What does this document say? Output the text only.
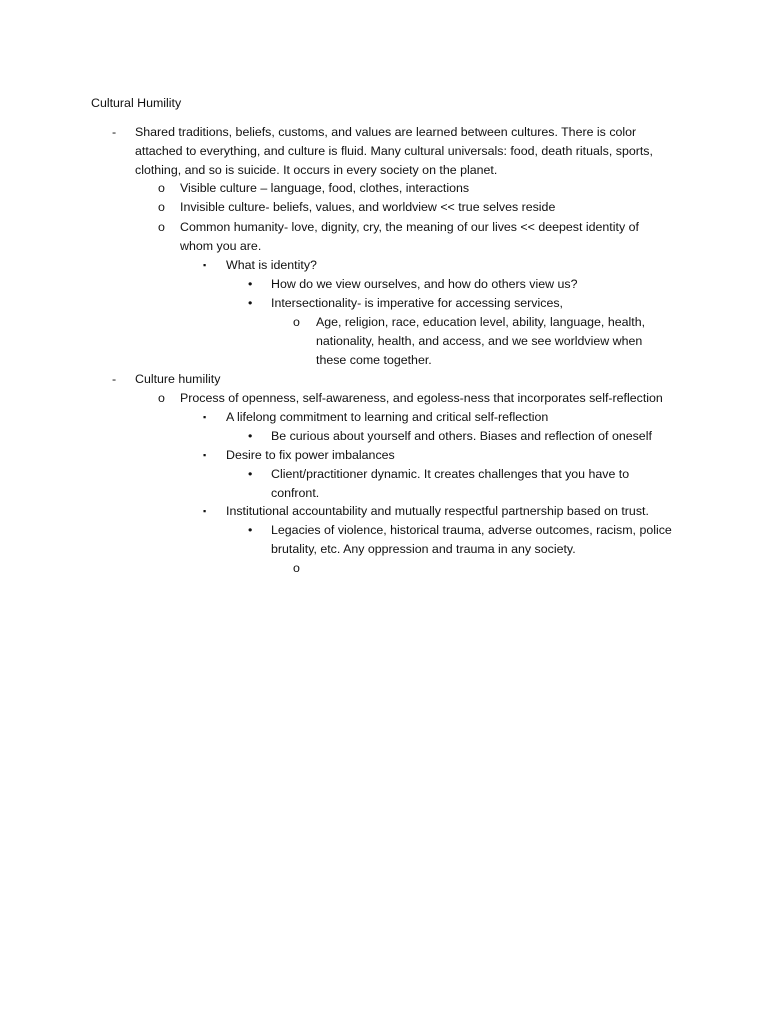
Cultural Humility
-	Shared traditions, beliefs, customs, and values are learned between cultures. There is color attached to everything, and culture is fluid. Many cultural universals: food, death rituals, sports, clothing, and so is suicide. It occurs in every society on the planet.
o	Visible culture – language, food, clothes, interactions
o	Invisible culture- beliefs, values, and worldview << true selves reside
o	Common humanity- love, dignity, cry, the meaning of our lives << deepest identity of whom you are.
▪	What is identity?
•	How do we view ourselves, and how do others view us?
•	Intersectionality- is imperative for accessing services,
o	Age, religion, race, education level, ability, language, health, nationality, health, and access, and we see worldview when these come together.
-	Culture humility
o	Process of openness, self-awareness, and egoless-ness that incorporates self-reflection
▪	A lifelong commitment to learning and critical self-reflection
•	Be curious about yourself and others. Biases and reflection of oneself
▪	Desire to fix power imbalances
•	Client/practitioner dynamic. It creates challenges that you have to confront.
▪	Institutional accountability and mutually respectful partnership based on trust.
•	Legacies of violence, historical trauma, adverse outcomes, racism, police brutality, etc. Any oppression and trauma in any society.
o
